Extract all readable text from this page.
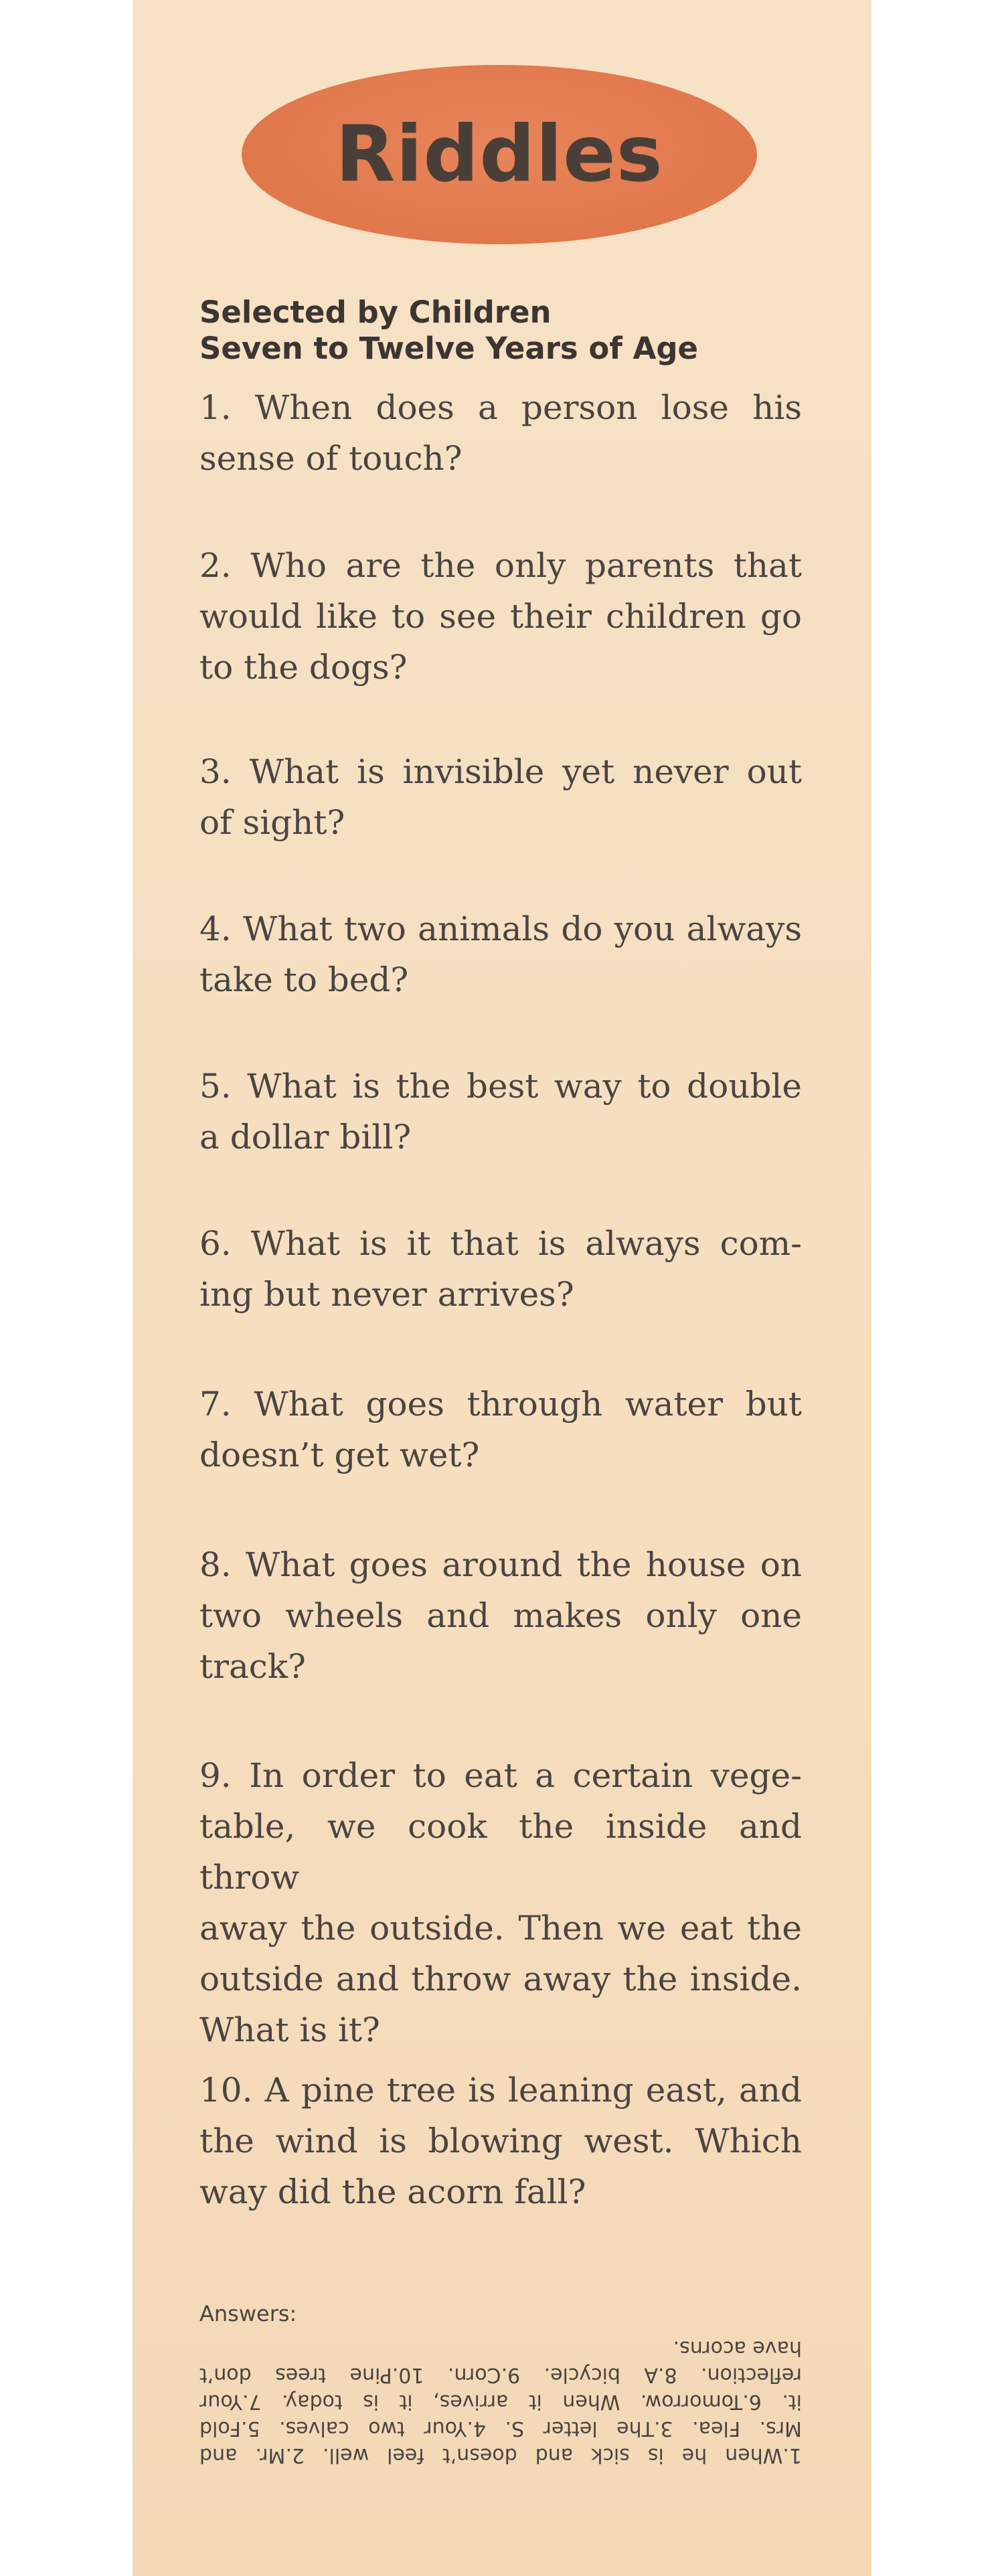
Riddles
Selected by Children
Seven to Twelve Years of Age
1. When does a person lose his
sense of touch?
2. Who are the only parents that
would like to see their children go
to the dogs?
3. What is invisible yet never out
of sight?
4. What two animals do you always
take to bed?
5. What is the best way to double
a dollar bill?
6. What is it that is always com-
ing but never arrives?
7. What goes through water but
doesn’t get wet?
8. What goes around the house on
two wheels and makes only one
track?
9. In order to eat a certain vege-
table, we cook the inside and throw
away the outside. Then we eat the
outside and throw away the inside.
What is it?
10. A pine tree is leaning east, and
the wind is blowing west. Which
way did the acorn fall?
Answers:
1.When he is sick and doesn’t feel well. 2.Mr. and
Mrs. Flea. 3.The letter S. 4.Your two calves. 5.Fold
it. 6.Tomorrow. When it arrives, it is today. 7.Your
reflection. 8.A bicycle. 9.Corn. 10.Pine trees don’t
have acorns.
